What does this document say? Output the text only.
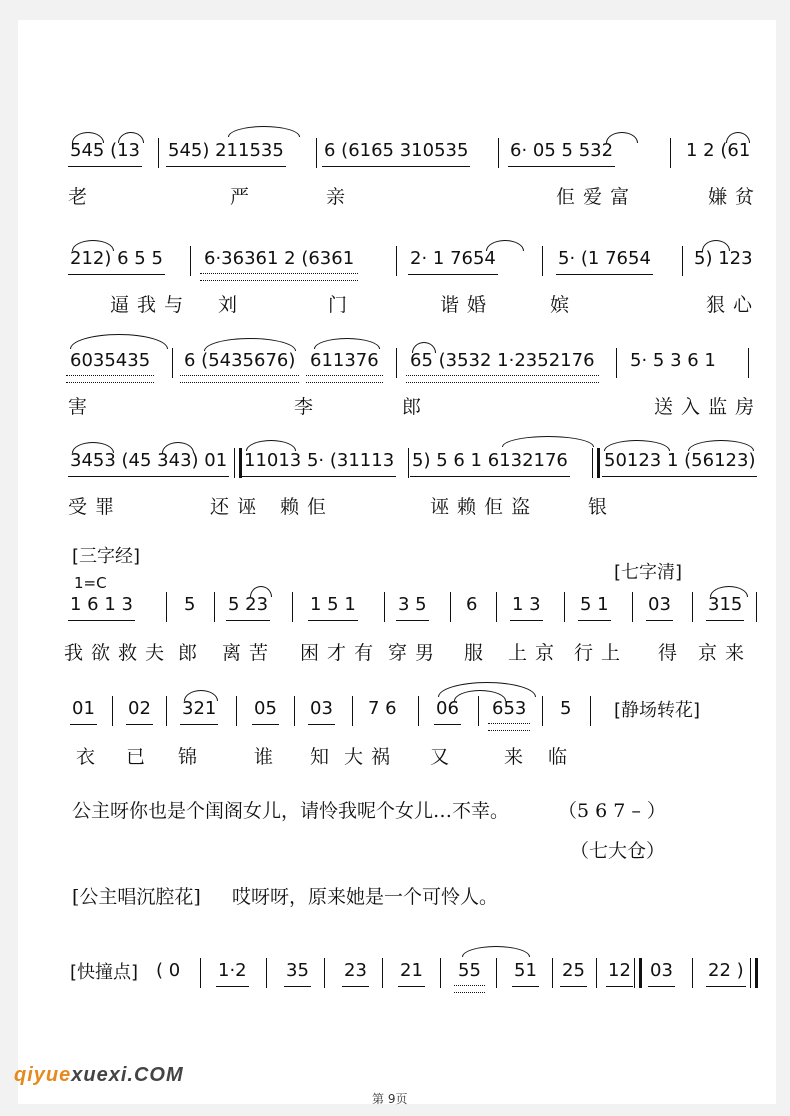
545 (13 545) 211535 6 (6165 310535 6· 05 5 532	1 2 (61
老	严	亲	佢 爱 富	嫌 贫
212) 6 5 5 6·36361 2 (6361	2· 1 7654	5· (1 7654 5) 123
逼 我 与 刘	门	谐 婚	嫔	狠 心
6035435 6 (5435676) 611376 65 (3532 1·2352176 5· 5 3 6 1
害	李	郎	送 入 监 房
3453 (45 343) 01 11013 5· (31113 5) 5 6 1 6132176 50123 1 (56123)
受 罪	还 诬 赖 佢	诬 赖 佢 盗	银
[三字经]
[七字清]
1=C
1 6 1 3	5 5 23 1 5 1 3 5 6 1 3 5 1 03 315
我 欲 救 夫 郎 离 苦 困 才 有 穿 男 服 上 京 行 上 得 京 来
01 02 321 05 03 7 6 06 653 5 [静场转花]
衣 已 锦	谁 知 大 祸 又	来 临
公主呀你也是个闺阁女儿，请怜我呢个女儿…不幸。	（5 6 7 – ）
（七大仓）
[公主唱沉腔花] 哎呀呀，原来她是一个可怜人。
[快撞点] ( 0 1·2 35 23 21 55 51 25 12 03 22 )
qiyuexuexi.COM
第 9页
